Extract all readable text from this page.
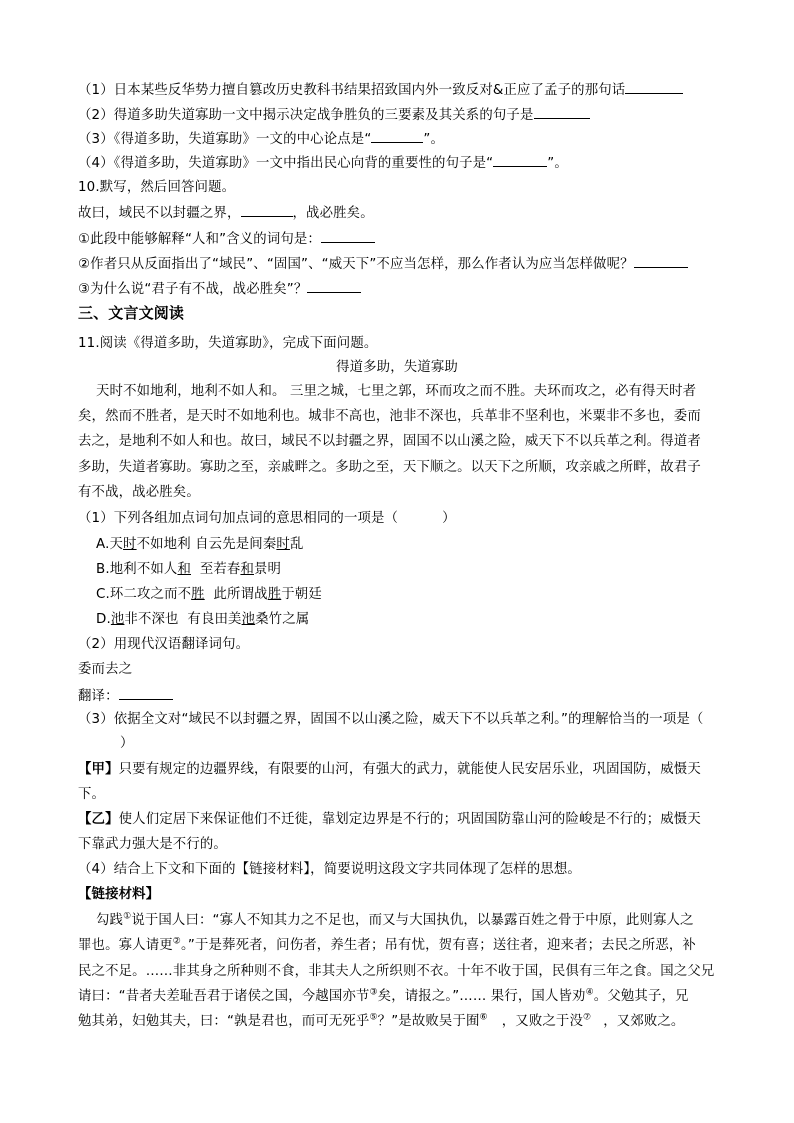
（1）日本某些反华势力擅自篡改历史教科书结果招致国内外一致反对&正应了孟子的那句话
（2）得道多助失道寡助一文中揭示决定战争胜负的三要素及其关系的句子是
（3）《得道多助，失道寡助》一文的中心论点是“	”。
（4）《得道多助，失道寡助》一文中指出民心向背的重要性的句子是“	”。
10.默写，然后回答问题。
故曰，域民不以封疆之界，	，战必胜矣。
①此段中能够解释“人和”含义的词句是：
②作者只从反面指出了“域民”、“固国”、“威天下”不应当怎样，那么作者认为应当怎样做呢？
③为什么说“君子有不战，战必胜矣”？
三、文言文阅读
11.阅读《得道多助，失道寡助》，完成下面问题。
得道多助，失道寡助
天时不如地利，地利不如人和。 三里之城，七里之郭，环而攻之而不胜。夫环而攻之，必有得天时者
矣，然而不胜者，是天时不如地利也。城非不高也，池非不深也，兵革非不坚利也，米粟非不多也，委而
去之，是地利不如人和也。故曰，域民不以封疆之界，固国不以山溪之险，威天下不以兵革之利。得道者
多助，失道者寡助。寡助之至，亲戚畔之。多助之至，天下顺之。以天下之所顺，攻亲戚之所畔，故君子
有不战，战必胜矣。
（1）下列各组加点词句加点词的意思相同的一项是（	）
A.天时不如地利 自云先是间秦时乱
B.地利不如人和  至若春和景明
C.环二攻之而不胜  此所谓战胜于朝廷
D.池非不深也  有良田美池桑竹之属
（2）用现代汉语翻译词句。
委而去之
翻译：
（3）依据全文对“域民不以封疆之界，固国不以山溪之险，威天下不以兵革之利。”的理解恰当的一项是（
）
【甲】只要有规定的边疆界线，有限要的山河，有强大的武力，就能使人民安居乐业，巩固国防，威慑天
下。
【乙】使人们定居下来保证他们不迁徙，靠划定边界是不行的；巩固国防靠山河的险峻是不行的；威慑天
下靠武力强大是不行的。
（4）结合上下文和下面的【链接材料】，简要说明这段文字共同体现了怎样的思想。
【链接材料】
勾践①说于国人曰：“寡人不知其力之不足也，而又与大国执仇，以暴露百姓之骨于中原，此则寡人之
罪也。寡人请更②。”于是葬死者，问伤者，养生者；吊有忧，贺有喜；送往者，迎来者；去民之所恶，补
民之不足。……非其身之所种则不食，非其夫人之所织则不衣。十年不收于国，民俱有三年之食。国之父兄
请曰：“昔者夫差耻吾君于诸侯之国，今越国亦节③矣，请报之。”…… 果行，国人皆劝④。父勉其子，兄
勉其弟，妇勉其夫，曰：“孰是君也，而可无死乎⑤？”是故败吴于囿⑥ ，又败之于没⑦ ，又郊败之。
